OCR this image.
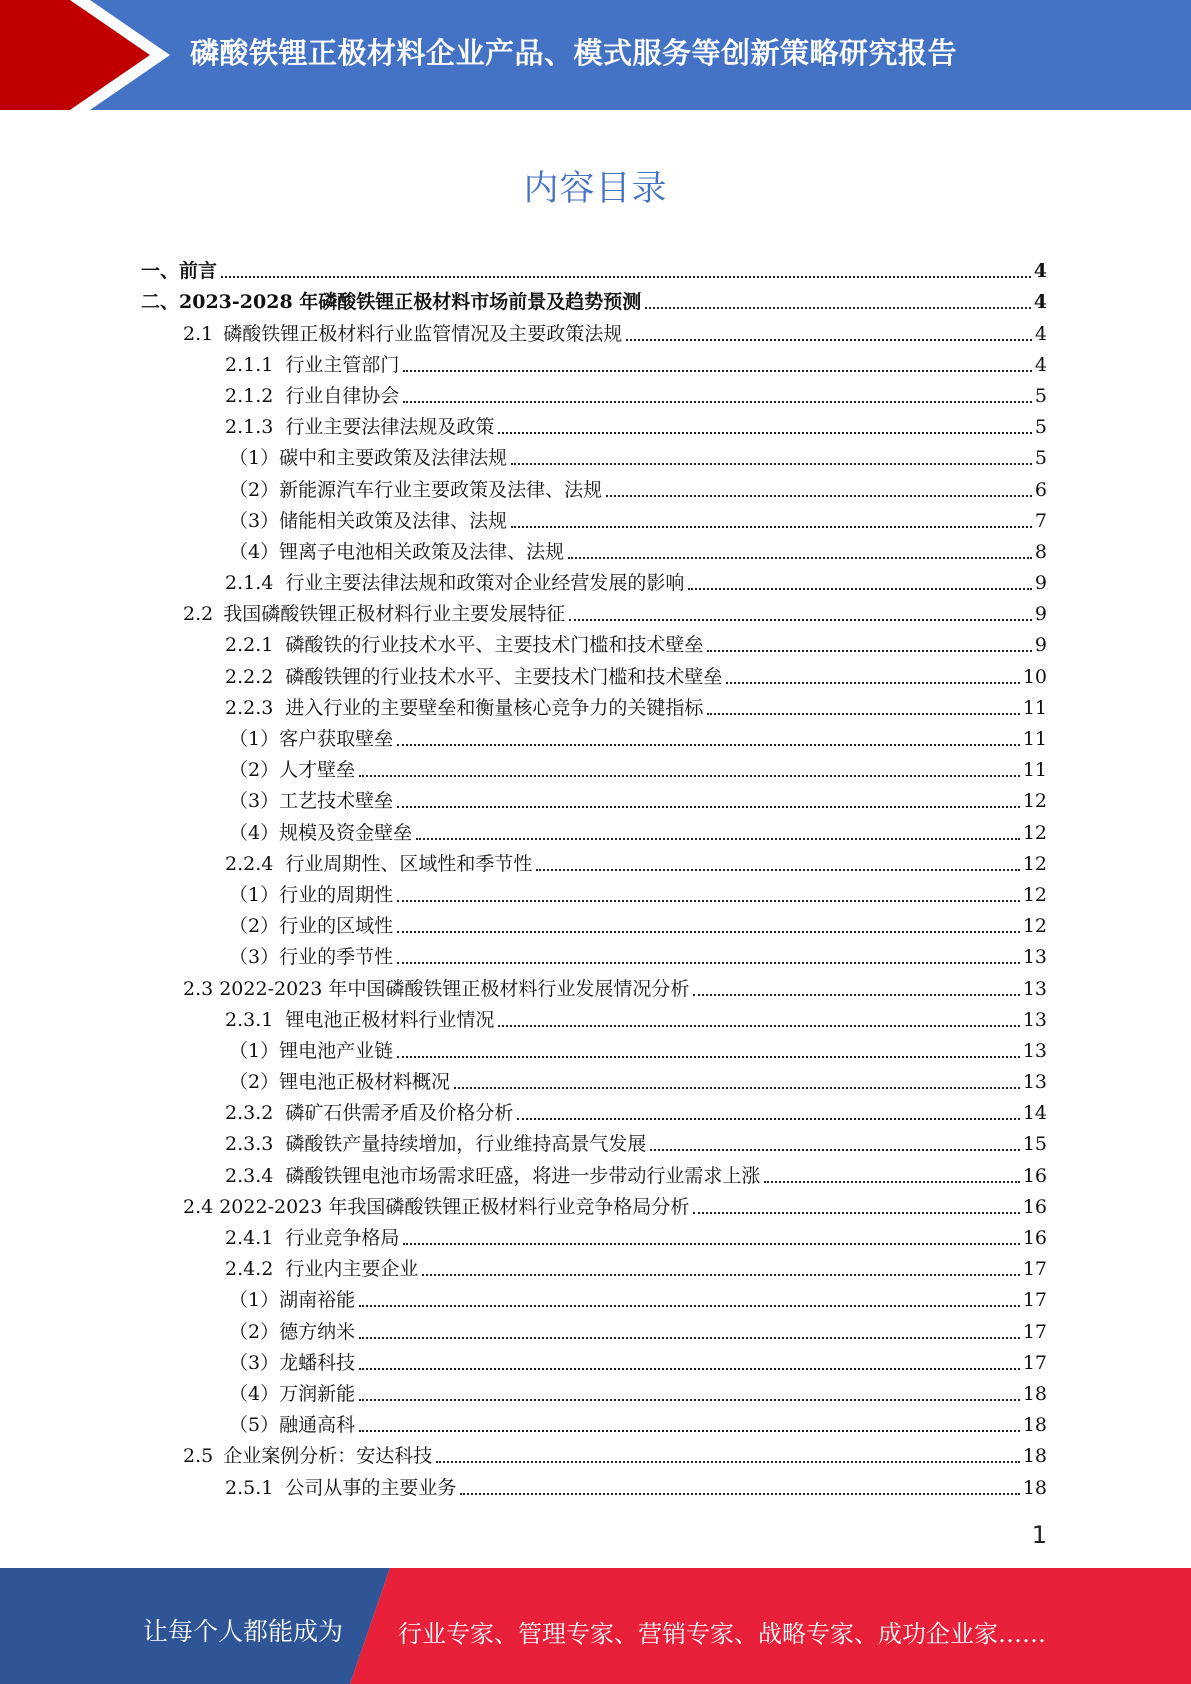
磷酸铁锂正极材料企业产品、模式服务等创新策略研究报告
内容目录
一、前言	4
二、2023-2028 年磷酸铁锂正极材料市场前景及趋势预测	4
2.1 磷酸铁锂正极材料行业监管情况及主要政策法规	4
2.1.1 行业主管部门	4
2.1.2 行业自律协会	5
2.1.3 行业主要法律法规及政策	5
（1）碳中和主要政策及法律法规	5
（2）新能源汽车行业主要政策及法律、法规	6
（3）储能相关政策及法律、法规	7
（4）锂离子电池相关政策及法律、法规	8
2.1.4 行业主要法律法规和政策对企业经营发展的影响	9
2.2 我国磷酸铁锂正极材料行业主要发展特征	9
2.2.1 磷酸铁的行业技术水平、主要技术门槛和技术壁垒	9
2.2.2 磷酸铁锂的行业技术水平、主要技术门槛和技术壁垒	10
2.2.3 进入行业的主要壁垒和衡量核心竞争力的关键指标	11
（1）客户获取壁垒	11
（2）人才壁垒	11
（3）工艺技术壁垒	12
（4）规模及资金壁垒	12
2.2.4 行业周期性、区域性和季节性	12
（1）行业的周期性	12
（2）行业的区域性	12
（3）行业的季节性	13
2.3 2022-2023 年中国磷酸铁锂正极材料行业发展情况分析	13
2.3.1 锂电池正极材料行业情况	13
（1）锂电池产业链	13
（2）锂电池正极材料概况	13
2.3.2 磷矿石供需矛盾及价格分析	14
2.3.3 磷酸铁产量持续增加，行业维持高景气发展	15
2.3.4 磷酸铁锂电池市场需求旺盛，将进一步带动行业需求上涨	16
2.4 2022-2023 年我国磷酸铁锂正极材料行业竞争格局分析	16
2.4.1 行业竞争格局	16
2.4.2 行业内主要企业	17
（1）湖南裕能	17
（2）德方纳米	17
（3）龙蟠科技	17
（4）万润新能	18
（5）融通高科	18
2.5 企业案例分析：安达科技	18
2.5.1 公司从事的主要业务	18
1
让每个人都能成为 行业专家、管理专家、营销专家、战略专家、成功企业家……
